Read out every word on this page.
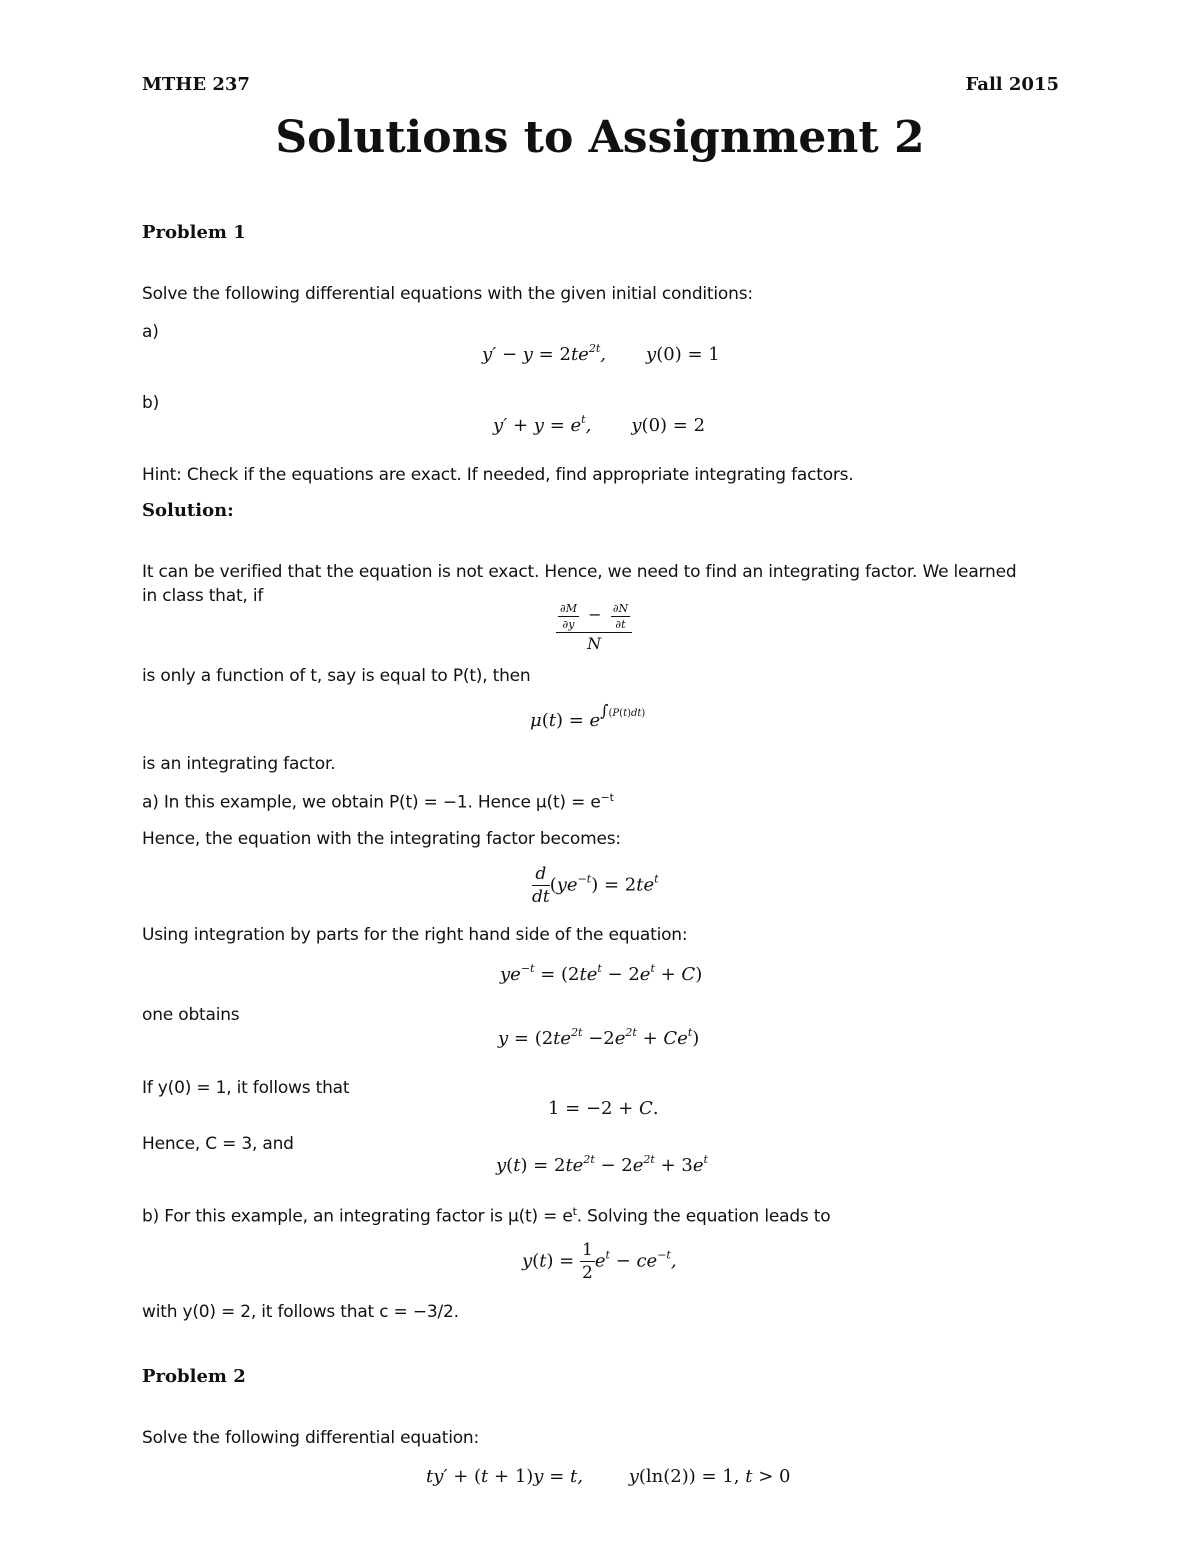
MTHE 237	Fall 2015
Solutions to Assignment 2
Problem 1
Solve the following differential equations with the given initial conditions:
a)
$y' - y = 2te^{2t}$,       y(0) = 1
b)
$y' + y = e^t$,       y(0) = 2
Hint: Check if the equations are exact. If needed, find appropriate integrating factors.
Solution:
It can be verified that the equation is not exact. Hence, we need to find an integrating factor. We learned
in class that, if
$\frac{\frac{\partial M}{\partial y} - \frac{\partial N}{\partial t}}{N}$
is only a function of t, say is equal to P(t), then
$\mu(t) = e^{\int(P(t)dt)}$
is an integrating factor.
a) In this example, we obtain P(t) = −1. Hence $\mu(t) = e^{-t}$
Hence, the equation with the integrating factor becomes:
$\frac{d}{dt} (ye^{-t}) = 2te^t$
Using integration by parts for the right hand side of the equation:
$ye^{-t} = (2te^t - 2e^t + C)$
one obtains
$y = (2te^{2t} -2e^{2t} + Ce^t)$
If y(0) = 1, it follows that
1 = −2 + C.
Hence, C = 3, and
$y(t) = 2te^{2t} - 2e^{2t} + 3e^t$
b) For this example, an integrating factor is $\mu(t) = e^t$. Solving the equation leads to
$y(t) = \frac{1}{2} e^t - ce^{-t}$,
with y(0) = 2, it follows that c = −3/2.
Problem 2
Solve the following differential equation:
ty′ + (t + 1)y = t,        y(ln(2)) = 1, t > 0
